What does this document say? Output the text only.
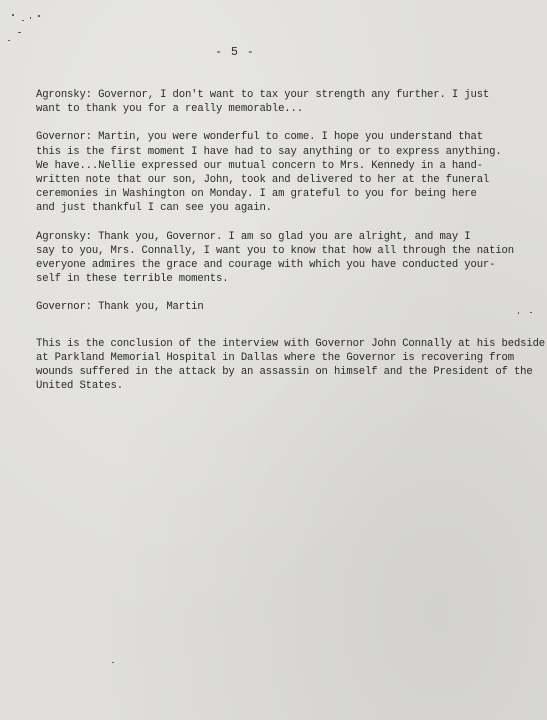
- 5 -

Agronsky: Governor, I don't want to tax your strength any further. I just
want to thank you for a really memorable...

Governor: Martin, you were wonderful to come. I hope you understand that
this is the first moment I have had to say anything or to express anything.
We have...Nellie expressed our mutual concern to Mrs. Kennedy in a hand-
written note that our son, John, took and delivered to her at the funeral
ceremonies in Washington on Monday. I am grateful to you for being here
and just thankful I can see you again.

Agronsky: Thank you, Governor. I am so glad you are alright, and may I
say to you, Mrs. Connally, I want you to know that how all through the nation
everyone admires the grace and courage with which you have conducted your-
self in these terrible moments.

Governor: Thank you, Martin

This is the conclusion of the interview with Governor John Connally at his bedside
at Parkland Memorial Hospital in Dallas where the Governor is recovering from
wounds suffered in the attack by an assassin on himself and the President of the
United States.
